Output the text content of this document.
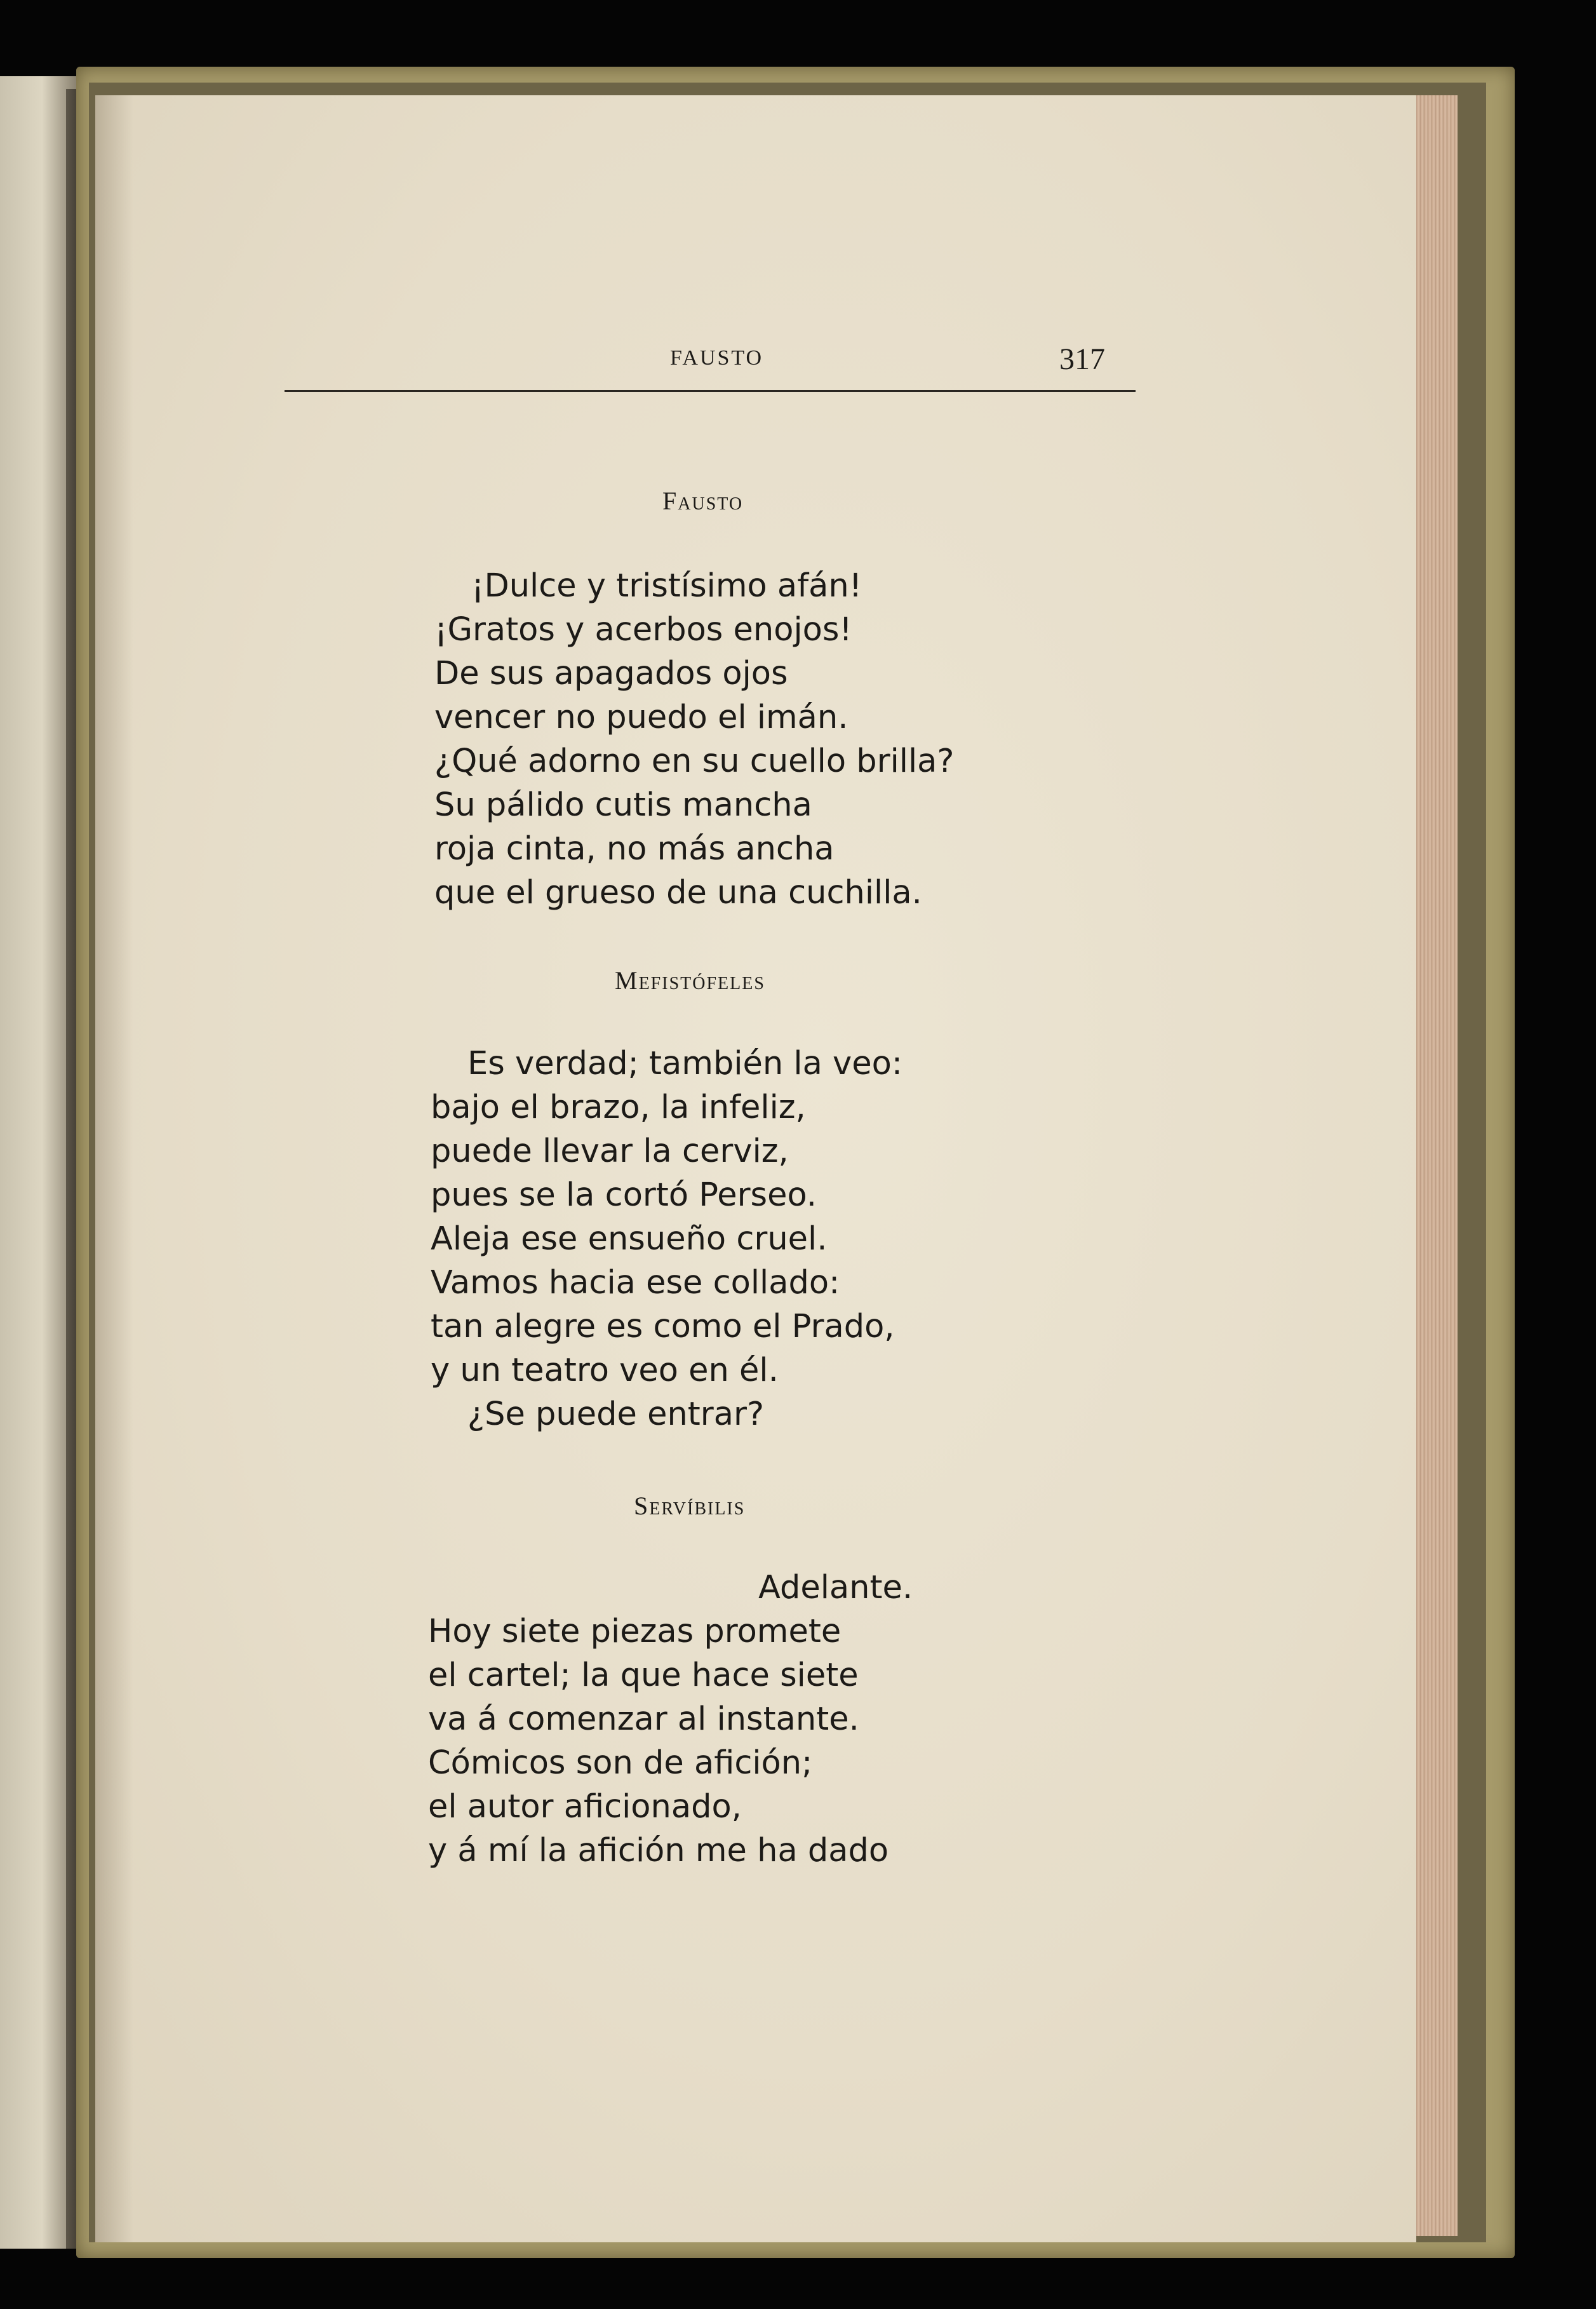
FAUSTO	317
Fausto
¡Dulce y tristísimo afán!
¡Gratos y acerbos enojos!
De sus apagados ojos
vencer no puedo el imán.
¿Qué adorno en su cuello brilla?
Su pálido cutis mancha
roja cinta, no más ancha
que el grueso de una cuchilla.
Mefistófeles
Es verdad; también la veo:
bajo el brazo, la infeliz,
puede llevar la cerviz,
pues se la cortó Perseo.
Aleja ese ensueño cruel.
Vamos hacia ese collado:
tan alegre es como el Prado,
y un teatro veo en él.
¿Se puede entrar?
Servíbilis
Adelante.
Hoy siete piezas promete
el cartel; la que hace siete
va á comenzar al instante.
Cómicos son de afición;
el autor aficionado,
y á mí la afición me ha dado
